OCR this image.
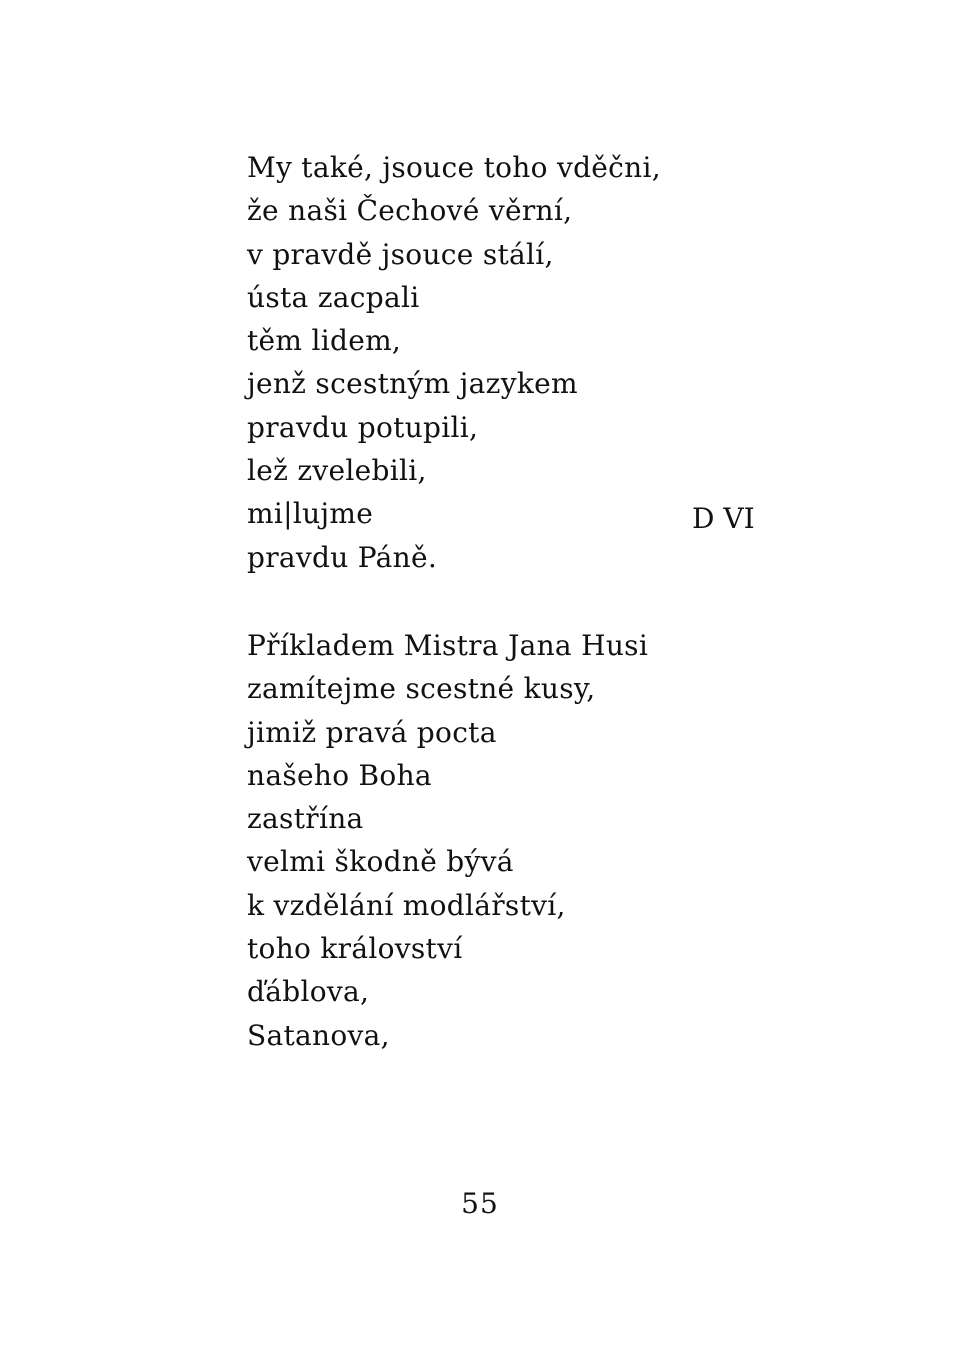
My také, jsouce toho vděčni,
že naši Čechové věrní,
v pravdě jsouce stálí,
ústa zacpali
těm lidem,
jenž scestným jazykem
pravdu potupili,
lež zvelebili,
mi|lujme
pravdu Páně.
D VI
Příkladem Mistra Jana Husi
zamítejme scestné kusy,
jimiž pravá pocta
našeho Boha
zastřína
velmi škodně bývá
k vzdělání modlářství,
toho království
ďáblova,
Satanova,
55
